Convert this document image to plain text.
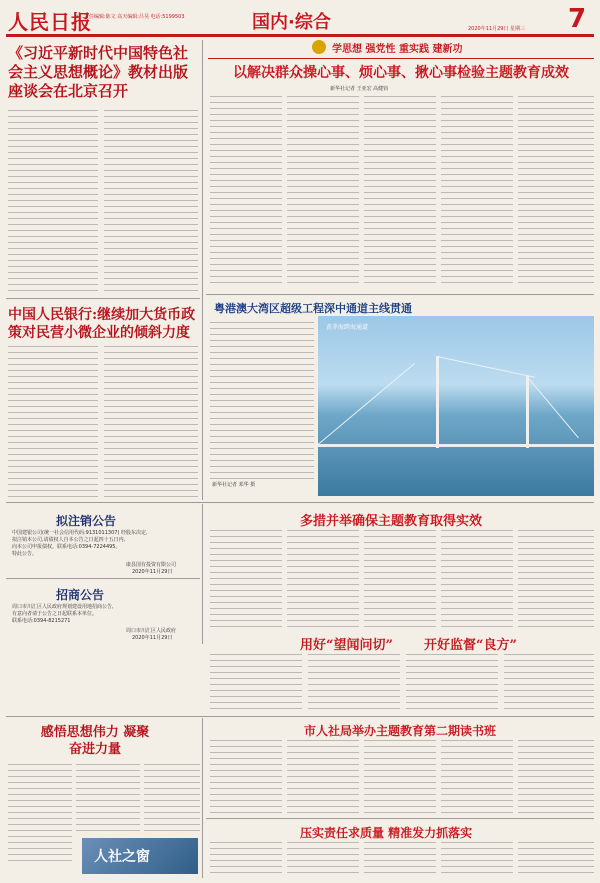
人民日报
责任编辑:陈文 高天编辑:吕昊 电话:5199503	国内·综合	7
2020年11月29日 星期三
《习近平新时代中国特色社会主义思想概论》教材出版座谈会在北京召开
中国人民银行:继续加大货币政策对民营小微企业的倾斜力度
学思想 强党性 重实践 建新功
以解决群众操心事、烦心事、揪心事检验主题教育成效
新华社记者 王亚宏 高健钧
粤港澳大湾区超级工程深中通道主线贯通
新华社记者 邓华 摄
黄茅海跨海通道
拟注销公告
中国建银公司(统一社会信用代码:9131011307) 经股东决定,
拟注销本公司,请债权人自本公告之日起四十五日内,
向本公司申报债权。联系电话:0394-7224495。
特此公告。
康县国有投资有限公司
2020年11月29日
招商公告
周口市川汇区人民政府规划建设用地招商公告,
有意向者请于公告之日起联系本单位。
联系电话:0394-8215271
周口市川汇区人民政府
2020年11月29日
多措并举确保主题教育取得实效
用好“望闻问切” 开好监督“良方”
感悟思想伟力 凝聚奋进力量
人社之窗
市人社局举办主题教育第二期读书班
压实责任求质量 精准发力抓落实
